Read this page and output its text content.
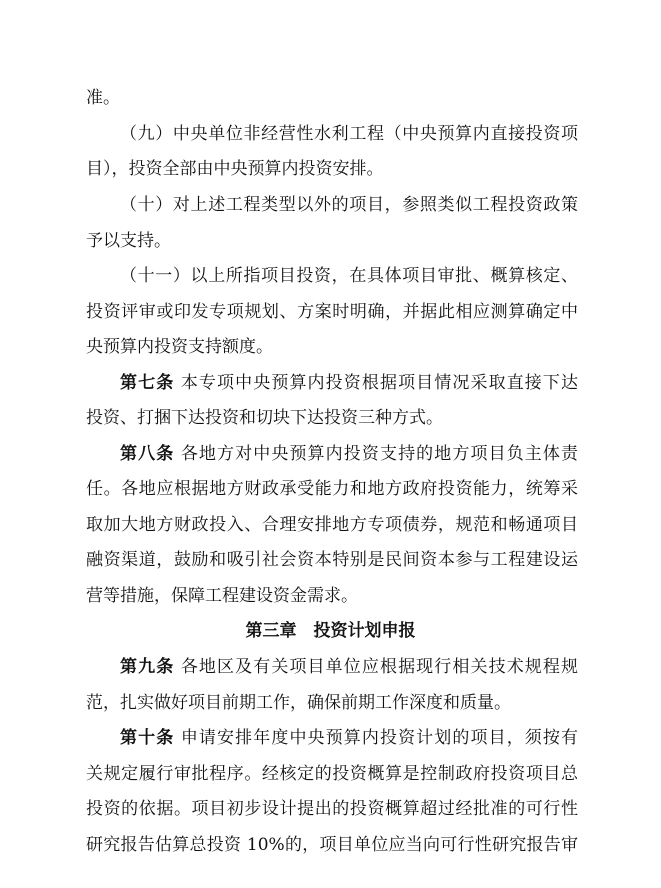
准。
（九）中央单位非经营性水利工程（中央预算内直接投资项
目），投资全部由中央预算内投资安排。
（十）对上述工程类型以外的项目，参照类似工程投资政策
予以支持。
（十一）以上所指项目投资，在具体项目审批、概算核定、
投资评审或印发专项规划、方案时明确，并据此相应测算确定中
央预算内投资支持额度。
第七条 本专项中央预算内投资根据项目情况采取直接下达
投资、打捆下达投资和切块下达投资三种方式。
第八条 各地方对中央预算内投资支持的地方项目负主体责
任。各地应根据地方财政承受能力和地方政府投资能力，统筹采
取加大地方财政投入、合理安排地方专项债券，规范和畅通项目
融资渠道，鼓励和吸引社会资本特别是民间资本参与工程建设运
营等措施，保障工程建设资金需求。
第三章　投资计划申报
第九条 各地区及有关项目单位应根据现行相关技术规程规
范，扎实做好项目前期工作，确保前期工作深度和质量。
第十条 申请安排年度中央预算内投资计划的项目，须按有
关规定履行审批程序。经核定的投资概算是控制政府投资项目总
投资的依据。项目初步设计提出的投资概算超过经批准的可行性
研究报告估算总投资 10%的，项目单位应当向可行性研究报告审
